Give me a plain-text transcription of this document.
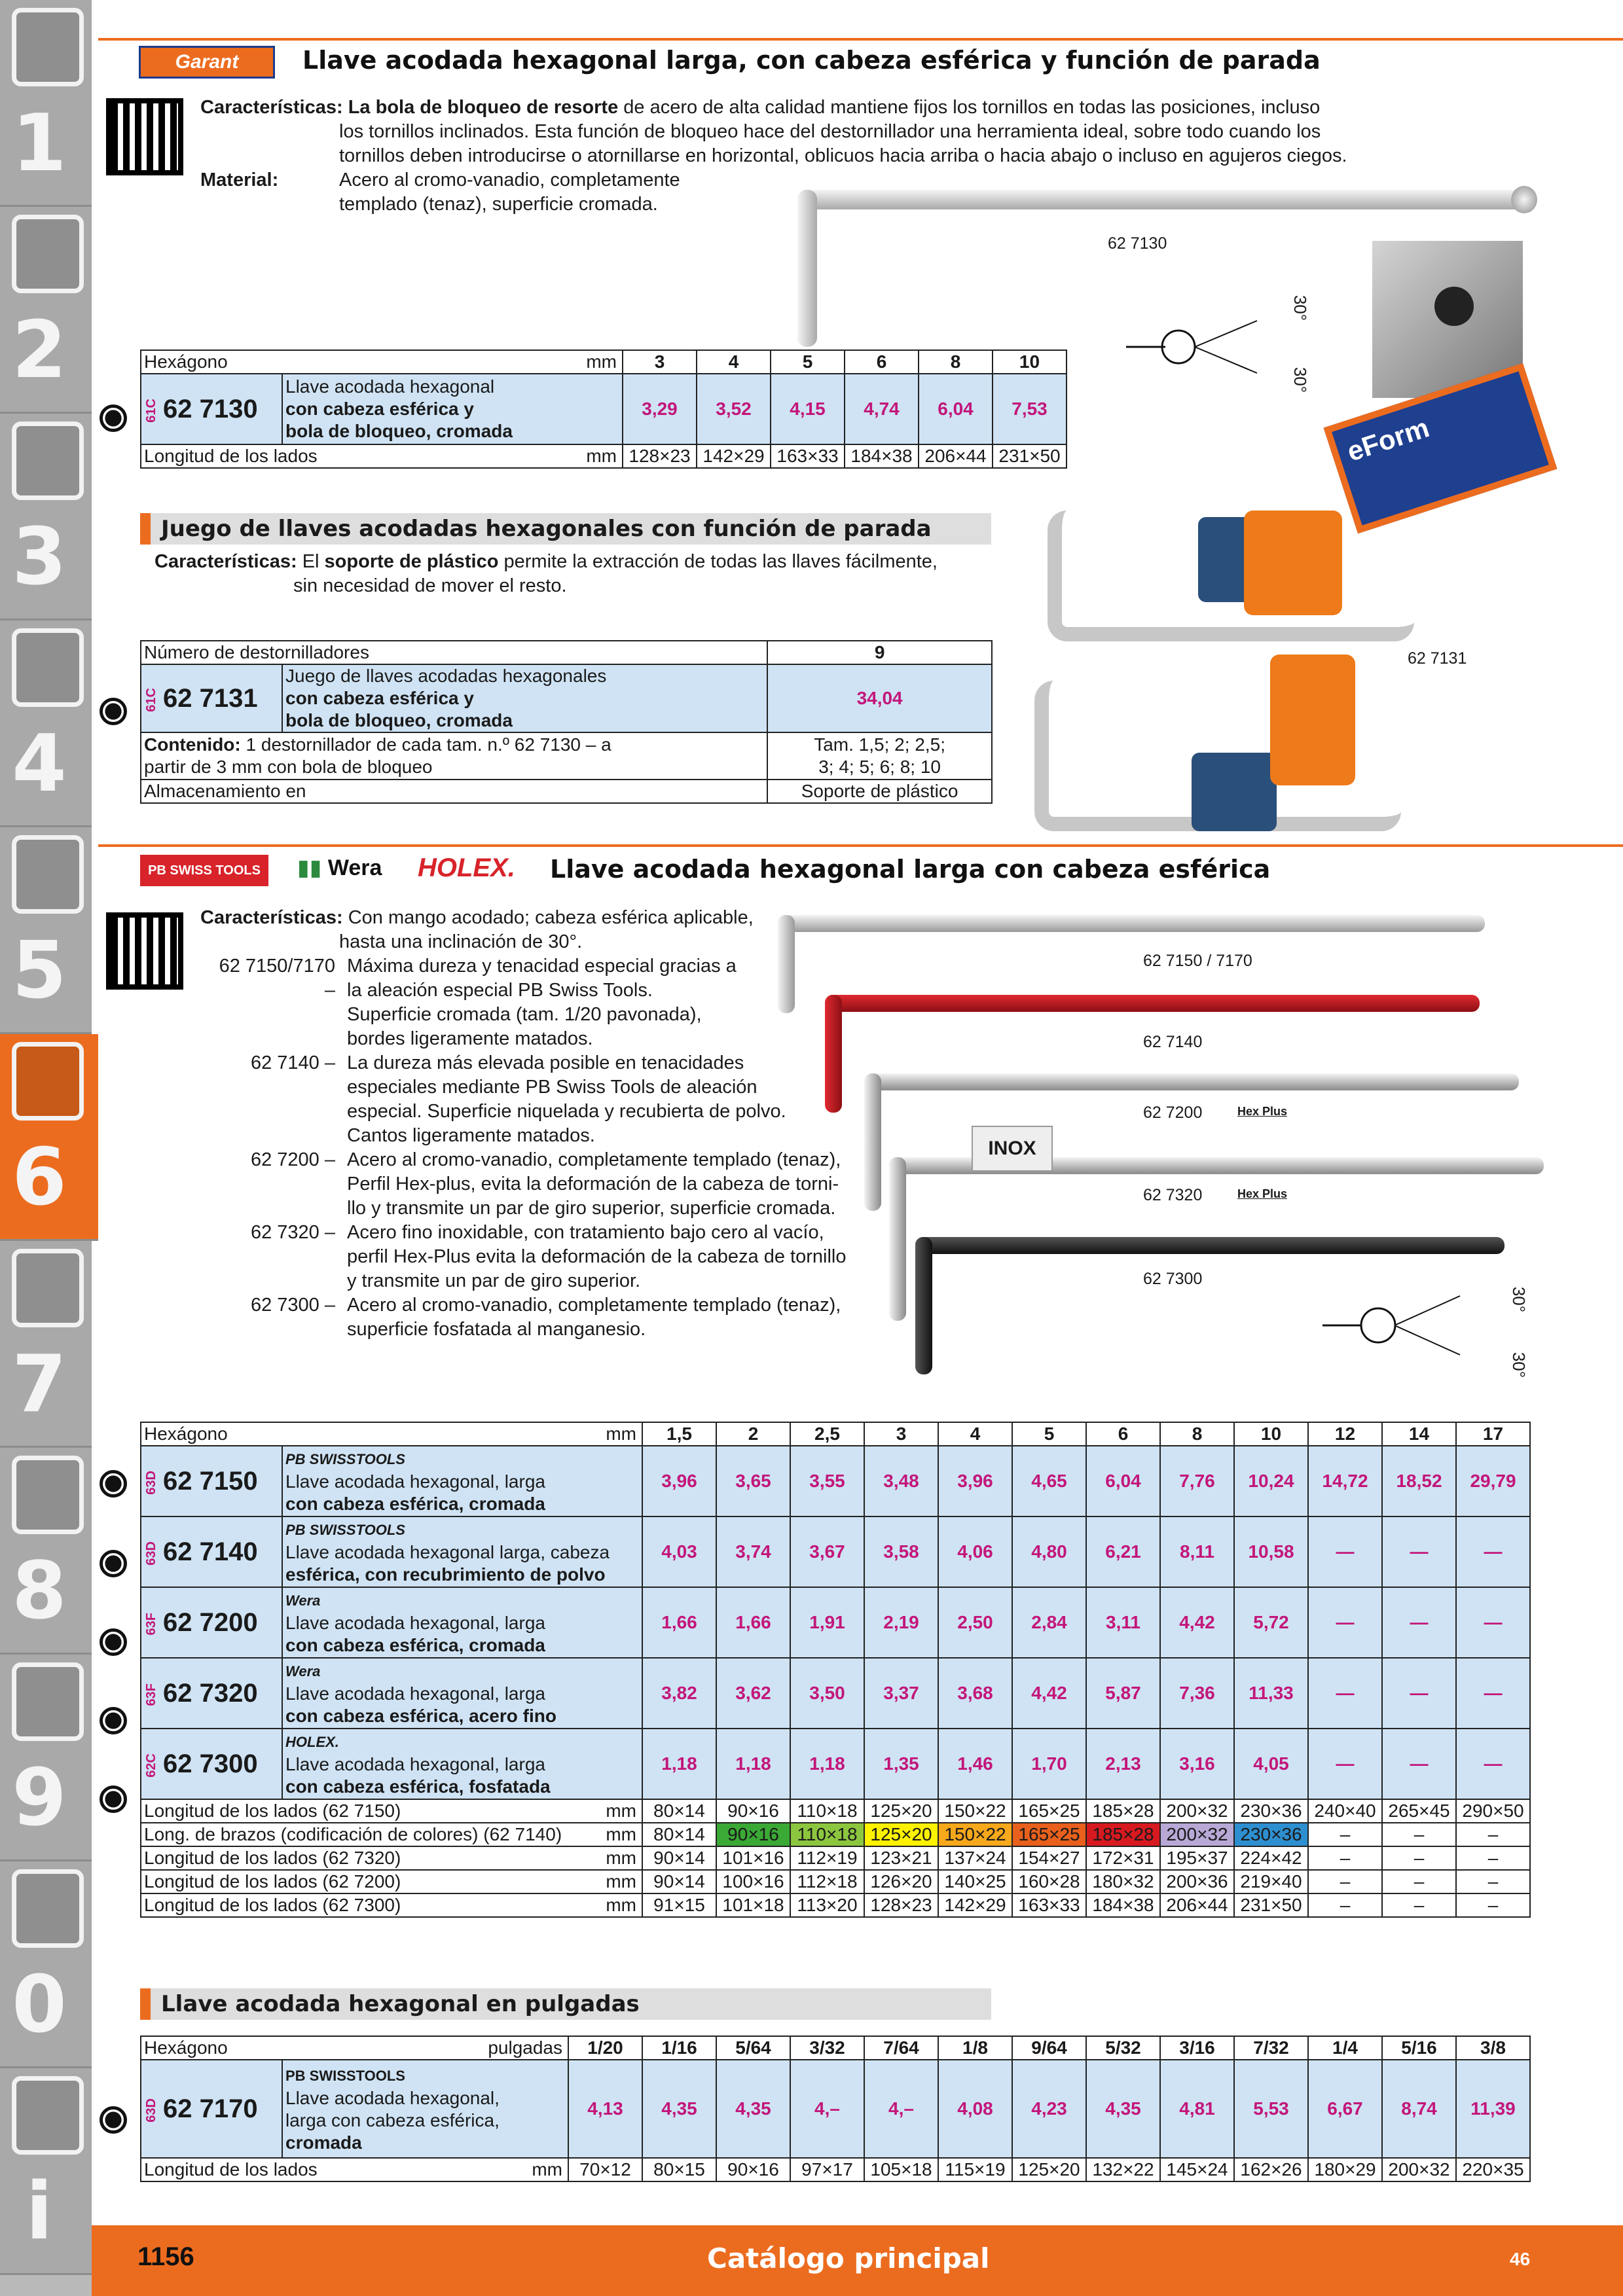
1
2
3
4
5
6
7
8
9
0
i
Garant	Llave acodada hexagonal larga, con cabeza esférica y función de parada
Características: La bola de bloqueo de resorte de acero de alta calidad mantiene fijos los tornillos en todas las posiciones, incluso
los tornillos inclinados. Esta función de bloqueo hace del destornillador una herramienta ideal, sobre todo cuando los
tornillos deben introducirse o atornillarse en horizontal, oblicuos hacia arriba o hacia abajo o incluso en agujeros ciegos.
Material:	Acero al cromo-vanadio, completamente

templado (tenaz), superficie cromada.
62 7130
30°
30°
eForm
Hexágono mm		3	4	5	6	8	10
61C 62 7130	Llave acodada hexagonal
con cabeza esférica y
bola de bloqueo, cromada	3,29	3,52	4,15	4,74	6,04	7,53
Longitud de los lados mm		128×23	142×29	163×33	184×38	206×44	231×50
Juego de llaves acodadas hexagonales con función de parada
Características: El soporte de plástico permite la extracción de todas las llaves fácilmente,
sin necesidad de mover el resto.
62 7131
Número de destornilladores		9
61C 62 7131	Juego de llaves acodadas hexagonales
con cabeza esférica y
bola de bloqueo, cromada	34,04
Contenido: 1 destornillador de cada tam. n.º 62 7130 – a
partir de 3 mm con bola de bloqueo		Tam. 1,5; 2; 2,5;
3; 4; 5; 6; 8; 10
Almacenamiento en		Soporte de plástico
PB SWISS TOOLS	▮▮ Wera HOLEX. Llave acodada hexagonal larga con cabeza esférica
Características: Con mango acodado; cabeza esférica aplicable,
hasta una inclinación de 30°.
62 7150/7170 –
Máxima dureza y tenacidad especial gracias a
la aleación especial PB Swiss Tools.
Superficie cromada (tam. 1/20 pavonada),
bordes ligeramente matados.
62 7140 – La dureza más elevada posible en tenacidades
especiales mediante PB Swiss Tools de aleación
especial. Superficie niquelada y recubierta de polvo.
Cantos ligeramente matados.
62 7200 – Acero al cromo-vanadio, completamente templado (tenaz),
Perfil Hex-plus, evita la deformación de la cabeza de torni-
llo y transmite un par de giro superior, superficie cromada.
62 7320 – Acero fino inoxidable, con tratamiento bajo cero al vacío,
perfil Hex-Plus evita la deformación de la cabeza de tornillo
y transmite un par de giro superior.
62 7300 – Acero al cromo-vanadio, completamente templado (tenaz),
superficie fosfatada al manganesio.
62 7150 / 7170
62 7140
62 7200	Hex Plus
62 7320	Hex Plus
62 7300
INOX
30°
30°
Hexágono mm		1,5	2	2,5	3	4	5	6	8	10	12	14	17
63D 62 7150	PB SWISSTOOLS
Llave acodada hexagonal, larga
con cabeza esférica, cromada	3,96	3,65	3,55	3,48	3,96	4,65	6,04	7,76	10,24	14,72	18,52	29,79
63D 62 7140	PB SWISSTOOLS
Llave acodada hexagonal larga, cabeza
esférica, con recubrimiento de polvo	4,03	3,74	3,67	3,58	4,06	4,80	6,21	8,11	10,58	—	—	—
63F 62 7200	Wera
Llave acodada hexagonal, larga
con cabeza esférica, cromada	1,66	1,66	1,91	2,19	2,50	2,84	3,11	4,42	5,72	—	—	—
63F 62 7320	Wera
Llave acodada hexagonal, larga
con cabeza esférica, acero fino	3,82	3,62	3,50	3,37	3,68	4,42	5,87	7,36	11,33	—	—	—
62C 62 7300	HOLEX.
Llave acodada hexagonal, larga
con cabeza esférica, fosfatada	1,18	1,18	1,18	1,35	1,46	1,70	2,13	3,16	4,05	—	—	—
Longitud de los lados (62 7150) mm		80×14	90×16	110×18	125×20	150×22	165×25	185×28	200×32	230×36	240×40	265×45	290×50
Long. de brazos (codificación de colores) (62 7140) mm		80×14	90×16	110×18	125×20	150×22	165×25	185×28	200×32	230×36	–	–	–
Longitud de los lados (62 7320) mm		90×14	101×16	112×19	123×21	137×24	154×27	172×31	195×37	224×42	–	–	–
Longitud de los lados (62 7200) mm		90×14	100×16	112×18	126×20	140×25	160×28	180×32	200×36	219×40	–	–	–
Longitud de los lados (62 7300) mm		91×15	101×18	113×20	128×23	142×29	163×33	184×38	206×44	231×50	–	–	–
Llave acodada hexagonal en pulgadas
Hexágono pulgadas		1/20	1/16	5/64	3/32	7/64	1/8	9/64	5/32	3/16	7/32	1/4	5/16	3/8
63D 62 7170	PB SWISSTOOLS
Llave acodada hexagonal,
larga con cabeza esférica,
cromada	4,13	4,35	4,35	4,–	4,–	4,08	4,23	4,35	4,81	5,53	6,67	8,74	11,39
Longitud de los lados mm		70×12	80×15	90×16	97×17	105×18	115×19	125×20	132×22	145×24	162×26	180×29	200×32	220×35
1156	Catálogo principal	46
